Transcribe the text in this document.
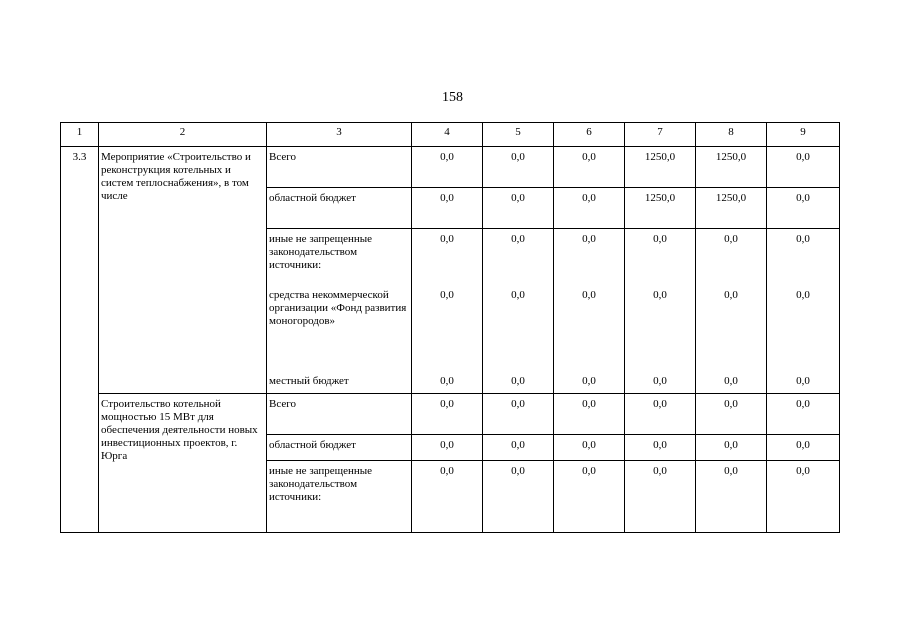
158
1	2	3	4	5	6	7	8	9
3.3	Мероприятие «Строительство и реконструкция котельных и систем теплоснабжения», в том числе	Всего	0,0	0,0	0,0	1250,0	1250,0	0,0
		областной бюджет	0,0	0,0	0,0	1250,0	1250,0	0,0
		иные не запрещенные законодательством источники:	0,0	0,0	0,0	0,0	0,0	0,0
		средства некоммерческой организации «Фонд развития моногородов»	0,0	0,0	0,0	0,0	0,0	0,0
		местный бюджет	0,0	0,0	0,0	0,0	0,0	0,0
	Строительство котельной мощностью 15 МВт для обеспечения деятельности новых инвестиционных проектов, г. Юрга	Всего	0,0	0,0	0,0	0,0	0,0	0,0
		областной бюджет	0,0	0,0	0,0	0,0	0,0	0,0
		иные не запрещенные законодательством источники:	0,0	0,0	0,0	0,0	0,0	0,0
